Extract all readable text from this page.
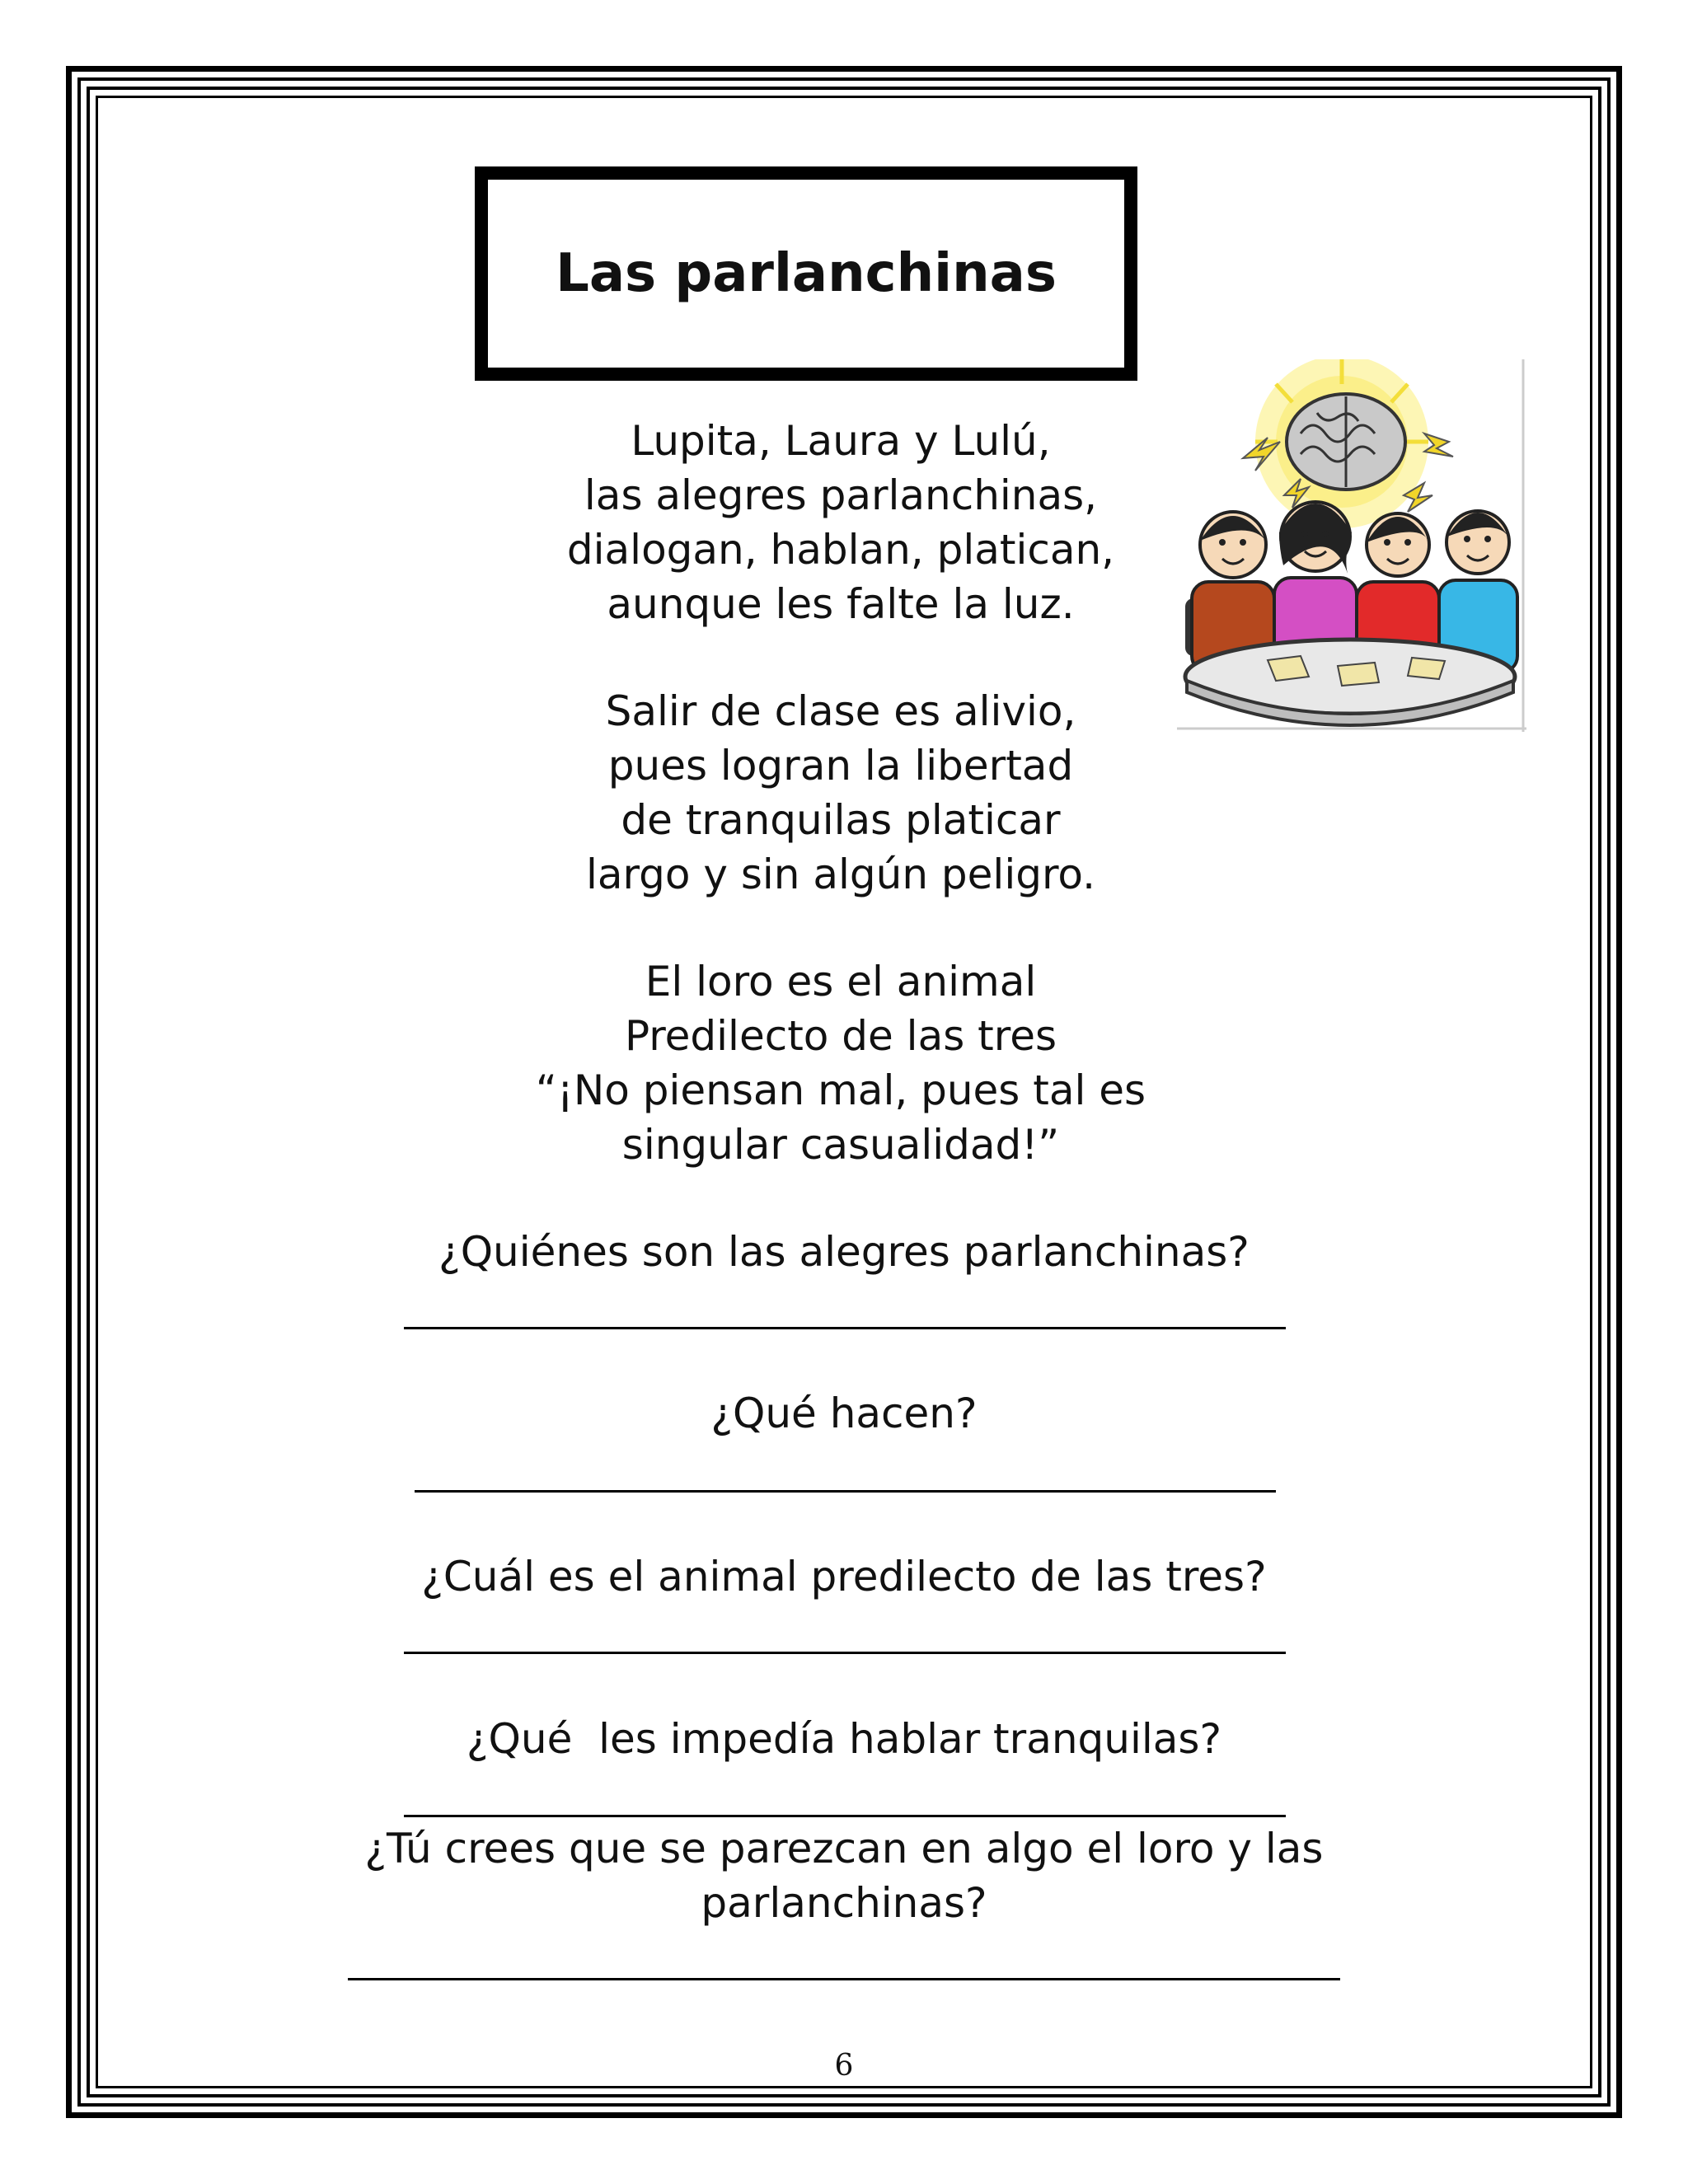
Las parlanchinas
Lupita, Laura y Lulú,
las alegres parlanchinas,
dialogan, hablan, platican,
aunque les falte la luz.
Salir de clase es alivio,
pues logran la libertad
de tranquilas platicar
largo y sin algún peligro.
El loro es el animal
Predilecto de las tres
“¡No piensan mal, pues tal es
singular casualidad!”
¿Quiénes son las alegres parlanchinas?
¿Qué hacen?
¿Cuál es el animal predilecto de las tres?
¿Qué  les impedía hablar tranquilas?
¿Tú crees que se parezcan en algo el loro y las parlanchinas?
6
